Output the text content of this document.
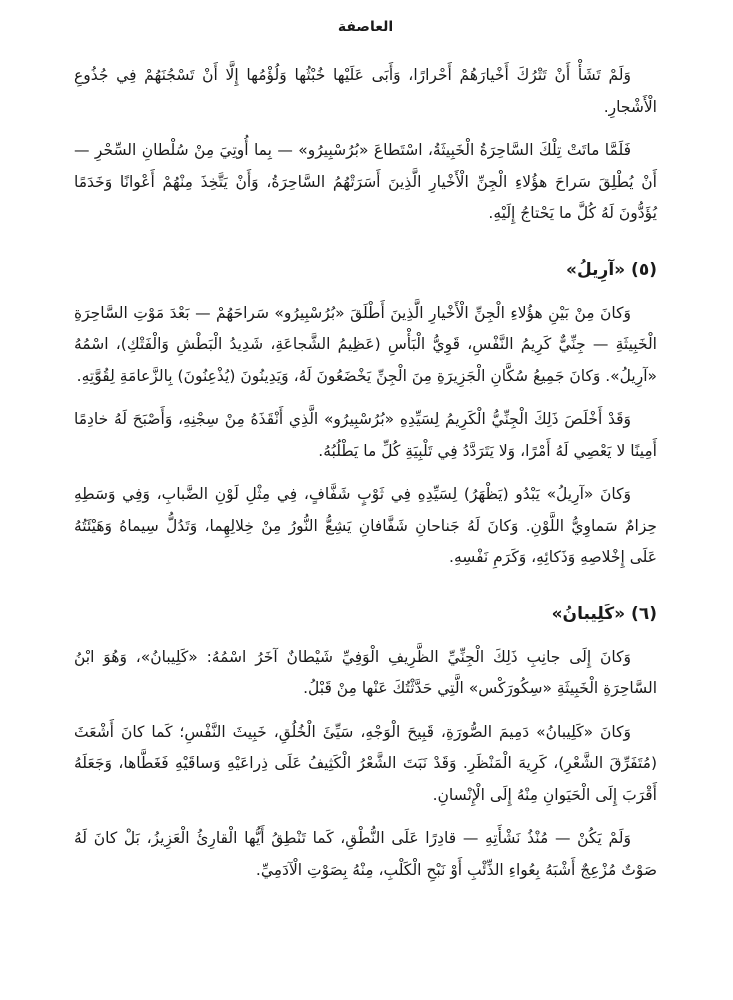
العاصفة

وَلَمْ تَشَأْ أَنْ تَتْرُكَ أَخْيارَهُمْ أَحْرارًا، وَأَبَى عَلَيْها خُبْثُها وَلُؤْمُها إِلَّا أَنْ تَسْجُنَهُمْ فِي جُذُوعِ الْأَشْجارِ.

فَلَمَّا ماتَتْ تِلْكَ السَّاحِرَةُ الْخَبِيثَةُ، اسْتَطاعَ «بُرُسْبِيرُو» — بِما أُوتِيَ مِنْ سُلْطانِ السِّحْرِ — أَنْ يُطْلِقَ سَراحَ هؤُلاءِ الْجِنِّ الْأَخْيارِ الَّذِينَ أَسَرَتْهُمُ السَّاحِرَةُ، وَأَنْ يَتَّخِذَ مِنْهُمْ أَعْوانًا وَخَدَمًا يُؤَدُّونَ لَهُ كُلَّ ما يَحْتاجُ إِلَيْهِ.

(٥) «آرِيلُ»

وَكانَ مِنْ بَيْنِ هؤُلاءِ الْجِنِّ الْأَخْيارِ الَّذِينَ أَطْلَقَ «بُرُسْبِيرُو» سَراحَهُمْ — بَعْدَ مَوْتِ السَّاحِرَةِ الْخَبِيثَةِ — جِنِّيٌّ كَرِيمُ النَّفْسِ، قَوِيُّ الْبَأْسِ (عَظِيمُ الشَّجاعَةِ، شَدِيدُ الْبَطْشِ وَالْفَتْكِ)، اسْمُهُ «آرِيلُ». وَكانَ جَمِيعُ سُكَّانِ الْجَزِيرَةِ مِنَ الْجِنِّ يَخْضَعُونَ لَهُ، وَيَدِينُونَ (يُذْعِنُونَ) بِالزَّعامَةِ لِقُوَّتِهِ.

وَقَدْ أَخْلَصَ ذَلِكَ الْجِنِّيُّ الْكَرِيمُ لِسَيِّدِهِ «بُرُسْبِيرُو» الَّذِي أَنْقَذَهُ مِنْ سِجْنِهِ، وَأَصْبَحَ لَهُ خادِمًا أَمِينًا لا يَعْصِي لَهُ أَمْرًا، وَلا يَتَرَدَّدُ فِي تَلْبِيَةِ كُلِّ ما يَطْلُبُهُ.

وَكانَ «آرِيلُ» يَبْدُو (يَظْهَرُ) لِسَيِّدِهِ فِي ثَوْبٍ شَفَّافٍ، فِي مِثْلِ لَوْنِ الضَّبابِ، وَفِي وَسَطِهِ حِزامٌ سَماوِيُّ اللَّوْنِ. وَكانَ لَهُ جَناحانِ شَفَّافانِ يَشِعُّ النُّورُ مِنْ خِلالِهِما، وَتَدُلُّ سِيماهُ وَهَيْئَتُهُ عَلَى إِخْلاصِهِ وَذَكائِهِ، وَكَرَمِ نَفْسِهِ.

(٦) «كَلِيبانُ»

وَكانَ إِلَى جانِبِ ذَلِكَ الْجِنِّيِّ الظَّرِيفِ الْوَفِيِّ شَيْطانٌ آخَرُ اسْمُهُ: «كَلِيبانُ»، وَهُوَ ابْنُ السَّاحِرَةِ الْخَبِيثَةِ «سِكُورَكْس» الَّتِي حَدَّثْتُكَ عَنْها مِنْ قَبْلُ.

وَكانَ «كَلِيبانُ» دَمِيمَ الصُّورَةِ، قَبِيحَ الْوَجْهِ، سَيِّئَ الْخُلُقِ، خَبِيثَ النَّفْسِ؛ كَما كانَ أَشْعَثَ (مُتَفَرِّقَ الشَّعْرِ)، كَرِيهَ الْمَنْظَرِ. وَقَدْ نَبَتَ الشَّعْرُ الْكَثِيفُ عَلَى ذِراعَيْهِ وَساقَيْهِ فَغَطَّاها، وَجَعَلَهُ أَقْرَبَ إِلَى الْحَيَوانِ مِنْهُ إِلَى الْإِنْسانِ.

وَلَمْ يَكُنْ — مُنْذُ نَشْأَتِهِ — قادِرًا عَلَى النُّطْقِ، كَما تَنْطِقُ أَيُّها الْقارِئُ الْعَزِيزُ، بَلْ كانَ لَهُ صَوْتٌ مُزْعِجٌ أَشْبَهُ بِعُواءِ الذِّئْبِ أَوْ نَبْحِ الْكَلْبِ، مِنْهُ بِصَوْتِ الْآدَمِيِّ.
